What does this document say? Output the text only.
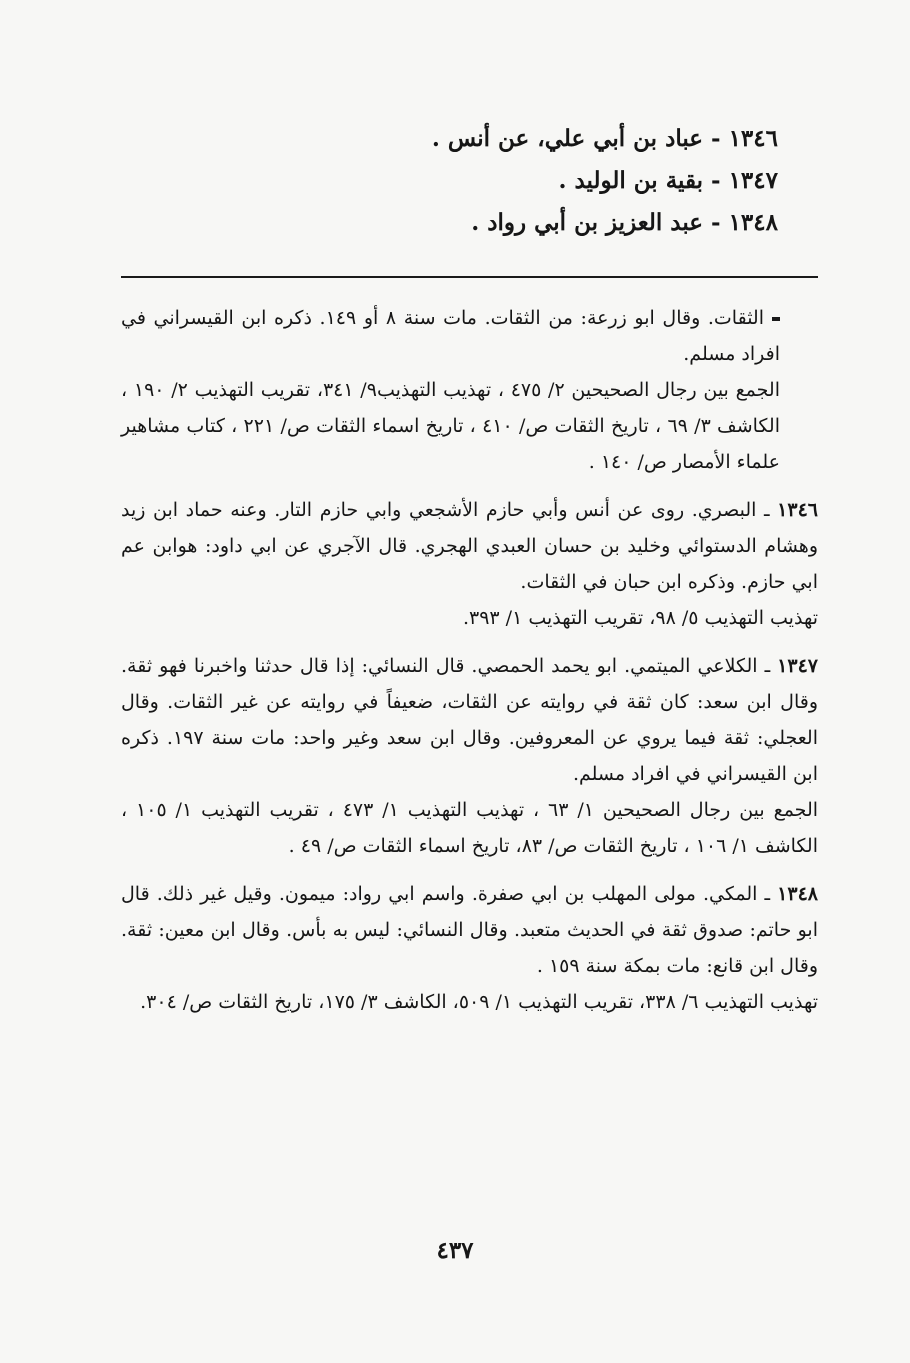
١٣٤٦ - عباد بن أبي علي، عن أنس .
١٣٤٧ - بقية بن الوليد .
١٣٤٨ - عبد العزيز بن أبي رواد .

الثقات. وقال ابو زرعة: من الثقات. مات سنة ٨ أو ١٤٩. ذكره ابن القيسراني في افراد مسلم.

الجمع بين رجال الصحيحين ٢/ ٤٧٥ ، تهذيب التهذيب٩/ ٣٤١، تقريب التهذيب ٢/ ١٩٠ ، الكاشف ٣/ ٦٩ ، تاريخ الثقات ص/ ٤١٠ ، تاريخ اسماء الثقات ص/ ٢٢١ ، كتاب مشاهير علماء الأمصار ص/ ١٤٠ .

١٣٤٦ ـ البصري. روى عن أنس وأبي حازم الأشجعي وابي حازم التار. وعنه حماد ابن زيد وهشام الدستوائي وخليد بن حسان العبدي الهجري. قال الآجري عن ابي داود: هوابن عم ابي حازم. وذكره ابن حبان في الثقات.

تهذيب التهذيب ٥/ ٩٨، تقريب التهذيب ١/ ٣٩٣.

١٣٤٧ ـ الكلاعي الميتمي. ابو يحمد الحمصي. قال النسائي: إذا قال حدثنا واخبرنا فهو ثقة. وقال ابن سعد: كان ثقة في روايته عن الثقات، ضعيفاً في روايته عن غير الثقات. وقال العجلي: ثقة فيما يروي عن المعروفين. وقال ابن سعد وغير واحد: مات سنة ١٩٧. ذكره ابن القيسراني في افراد مسلم.

الجمع بين رجال الصحيحين ١/ ٦٣ ، تهذيب التهذيب ١/ ٤٧٣ ، تقريب التهذيب ١/ ١٠٥ ، الكاشف ١/ ١٠٦ ، تاريخ الثقات ص/ ٨٣، تاريخ اسماء الثقات ص/ ٤٩ .

١٣٤٨ ـ المكي. مولى المهلب بن ابي صفرة. واسم ابي رواد: ميمون. وقيل غير ذلك. قال ابو حاتم: صدوق ثقة في الحديث متعبد. وقال النسائي: ليس به بأس. وقال ابن معين: ثقة. وقال ابن قانع: مات بمكة سنة ١٥٩ .

تهذيب التهذيب ٦/ ٣٣٨، تقريب التهذيب ١/ ٥٠٩، الكاشف ٣/ ١٧٥، تاريخ الثقات ص/ ٣٠٤.

٤٣٧
